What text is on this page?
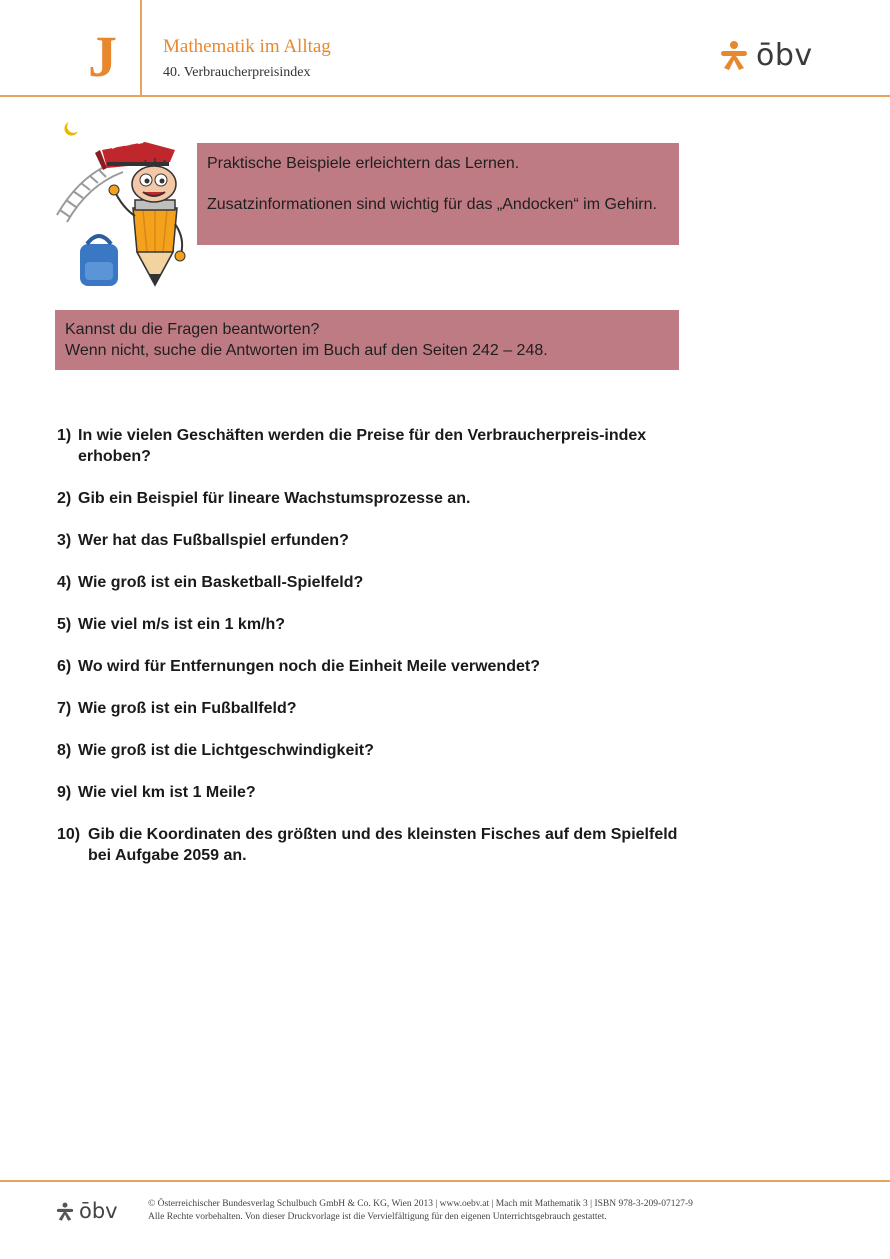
J Mathematik im Alltag
40. Verbraucherpreisindex	ōbv

Praktische Beispiele erleichtern das Lernen.

Zusatzinformationen sind wichtig für das „Andocken“ im Gehirn.

Kannst du die Fragen beantworten?
Wenn nicht, suche die Antworten im Buch auf den Seiten 242 – 248.
1) In wie vielen Geschäften werden die Preise für den Verbraucherpreis-index erhoben?
2) Gib ein Beispiel für lineare Wachstumsprozesse an.
3) Wer hat das Fußballspiel erfunden?
4) Wie groß ist ein Basketball-Spielfeld?
5) Wie viel m/s ist ein 1 km/h?
6) Wo wird für Entfernungen noch die Einheit Meile verwendet?
7) Wie groß ist ein Fußballfeld?
8) Wie groß ist die Lichtgeschwindigkeit?
9) Wie viel km ist 1 Meile?
10) Gib die Koordinaten des größten und des kleinsten Fisches auf dem Spielfeld bei Aufgabe 2059 an.
ōbv	© Österreichischer Bundesverlag Schulbuch GmbH & Co. KG, Wien 2013 | www.oebv.at | Mach mit Mathematik 3 | ISBN 978-3-209-07127-9
Alle Rechte vorbehalten. Von dieser Druckvorlage ist die Vervielfältigung für den eigenen Unterrichtsgebrauch gestattet.
